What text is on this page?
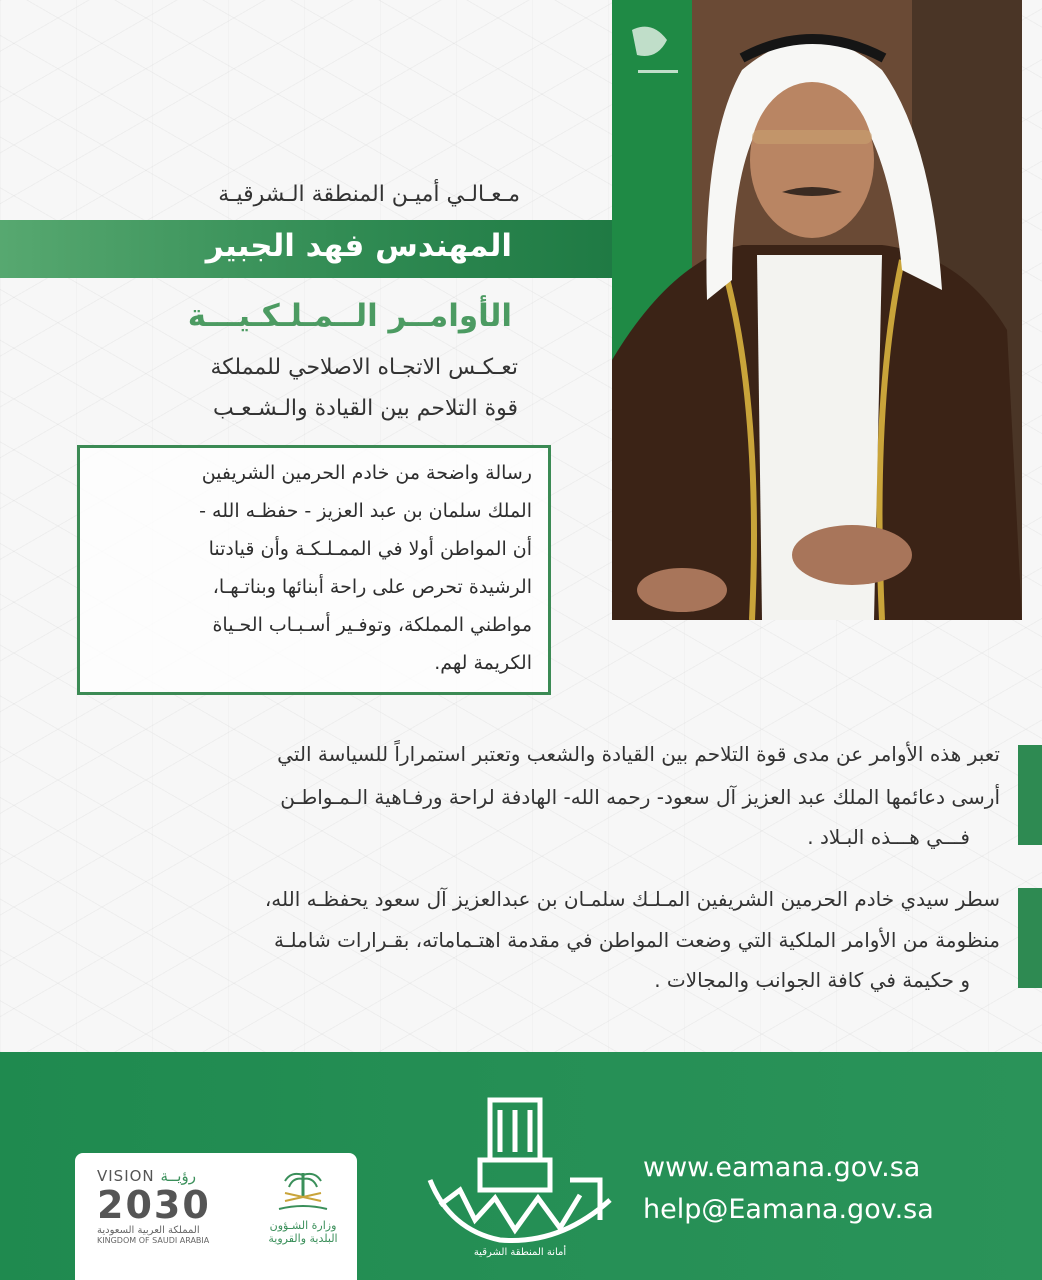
مـعـالـي أميـن المنطقة الـشرقيـة
المهندس فهد الجبير
الأوامــر الــمـلـكـيـــة
تعـكـس الاتجـاه الاصلاحي للمملكة
قوة التلاحم بين القيادة والـشـعـب
رسالة واضحة من خادم الحرمين الشريفين
الملك سلمان بن عبد العزيز - حفظـه الله -
أن المواطن أولا في الممـلـكـة وأن قيادتنا
الرشيدة تحرص على راحة أبنائها وبناتـهـا،
مواطني المملكة، وتوفـير أسـبـاب الحـياة
الكريمة لهم.
تعبر هذه الأوامر عن مدى قوة التلاحم بين القيادة والشعب وتعتبر استمراراً للسياسة التي
أرسى دعائمها الملك عبد العزيز آل سعود- رحمه الله- الهادفة لراحة ورفـاهية الـمـواطـن
فـــي هـــذه البـلاد .
سطر سيدي خادم الحرمين الشريفين المـلـك سلمـان بن عبدالعزيز آل سعود يحفظـه الله،
منظومة من الأوامر الملكية التي وضعت المواطن في مقدمة اهتـماماته، بقـرارات شاملـة
و حكيمة في كافة الجوانب والمجالات .
أمانة المنطقة الشرقية
www.eamana.gov.sa
help@Eamana.gov.sa
VISION رؤيــة
2030
المملكة العربية السعودية
KINGDOM OF SAUDI ARABIA
وزارة الشـؤون
البلدية والقروية
